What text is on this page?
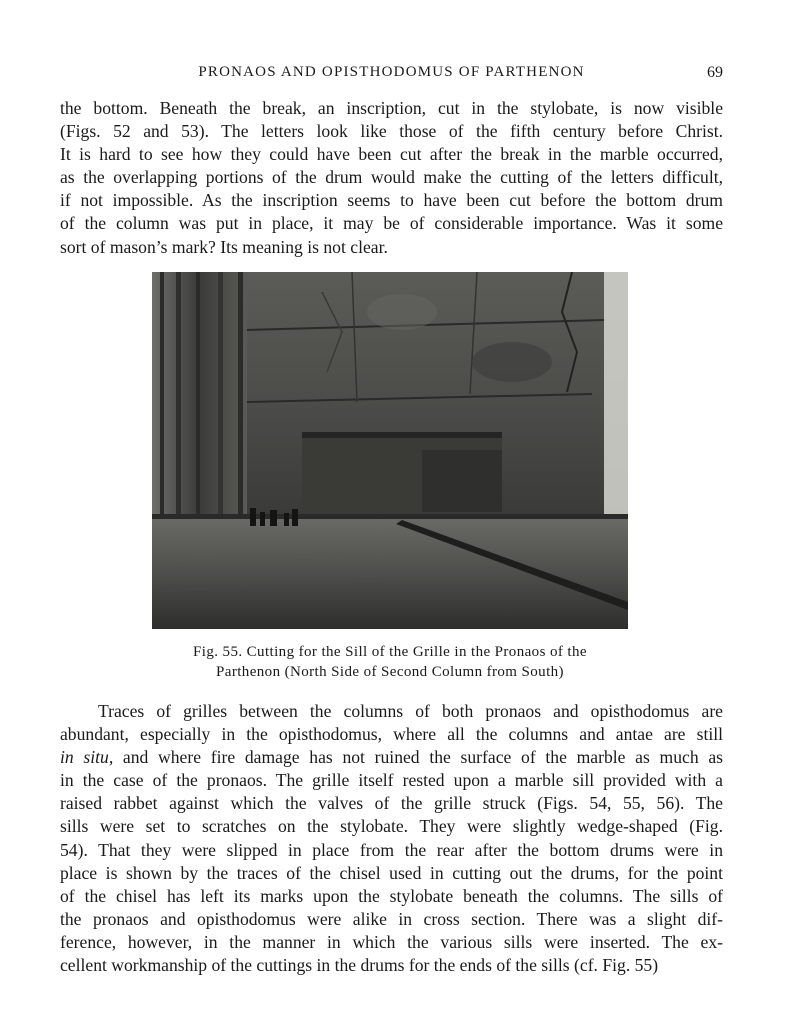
PRONAOS AND OPISTHODOMUS OF PARTHENON	69

the bottom. Beneath the break, an inscription, cut in the stylobate, is now visible
(Figs. 52 and 53). The letters look like those of the fifth century before Christ.
It is hard to see how they could have been cut after the break in the marble occurred,
as the overlapping portions of the drum would make the cutting of the letters difficult,
if not impossible. As the inscription seems to have been cut before the bottom drum
of the column was put in place, it may be of considerable importance. Was it some
sort of mason’s mark? Its meaning is not clear.

Fig. 55. Cutting for the Sill of the Grille in the Pronaos of the
Parthenon (North Side of Second Column from South)

Traces of grilles between the columns of both pronaos and opisthodomus are
abundant, especially in the opisthodomus, where all the columns and antae are still
in situ, and where fire damage has not ruined the surface of the marble as much as
in the case of the pronaos. The grille itself rested upon a marble sill provided with a
raised rabbet against which the valves of the grille struck (Figs. 54, 55, 56). The
sills were set to scratches on the stylobate. They were slightly wedge-shaped (Fig.
54). That they were slipped in place from the rear after the bottom drums were in
place is shown by the traces of the chisel used in cutting out the drums, for the point
of the chisel has left its marks upon the stylobate beneath the columns. The sills of
the pronaos and opisthodomus were alike in cross section. There was a slight dif-
ference, however, in the manner in which the various sills were inserted. The ex-
cellent workmanship of the cuttings in the drums for the ends of the sills (cf. Fig. 55)
